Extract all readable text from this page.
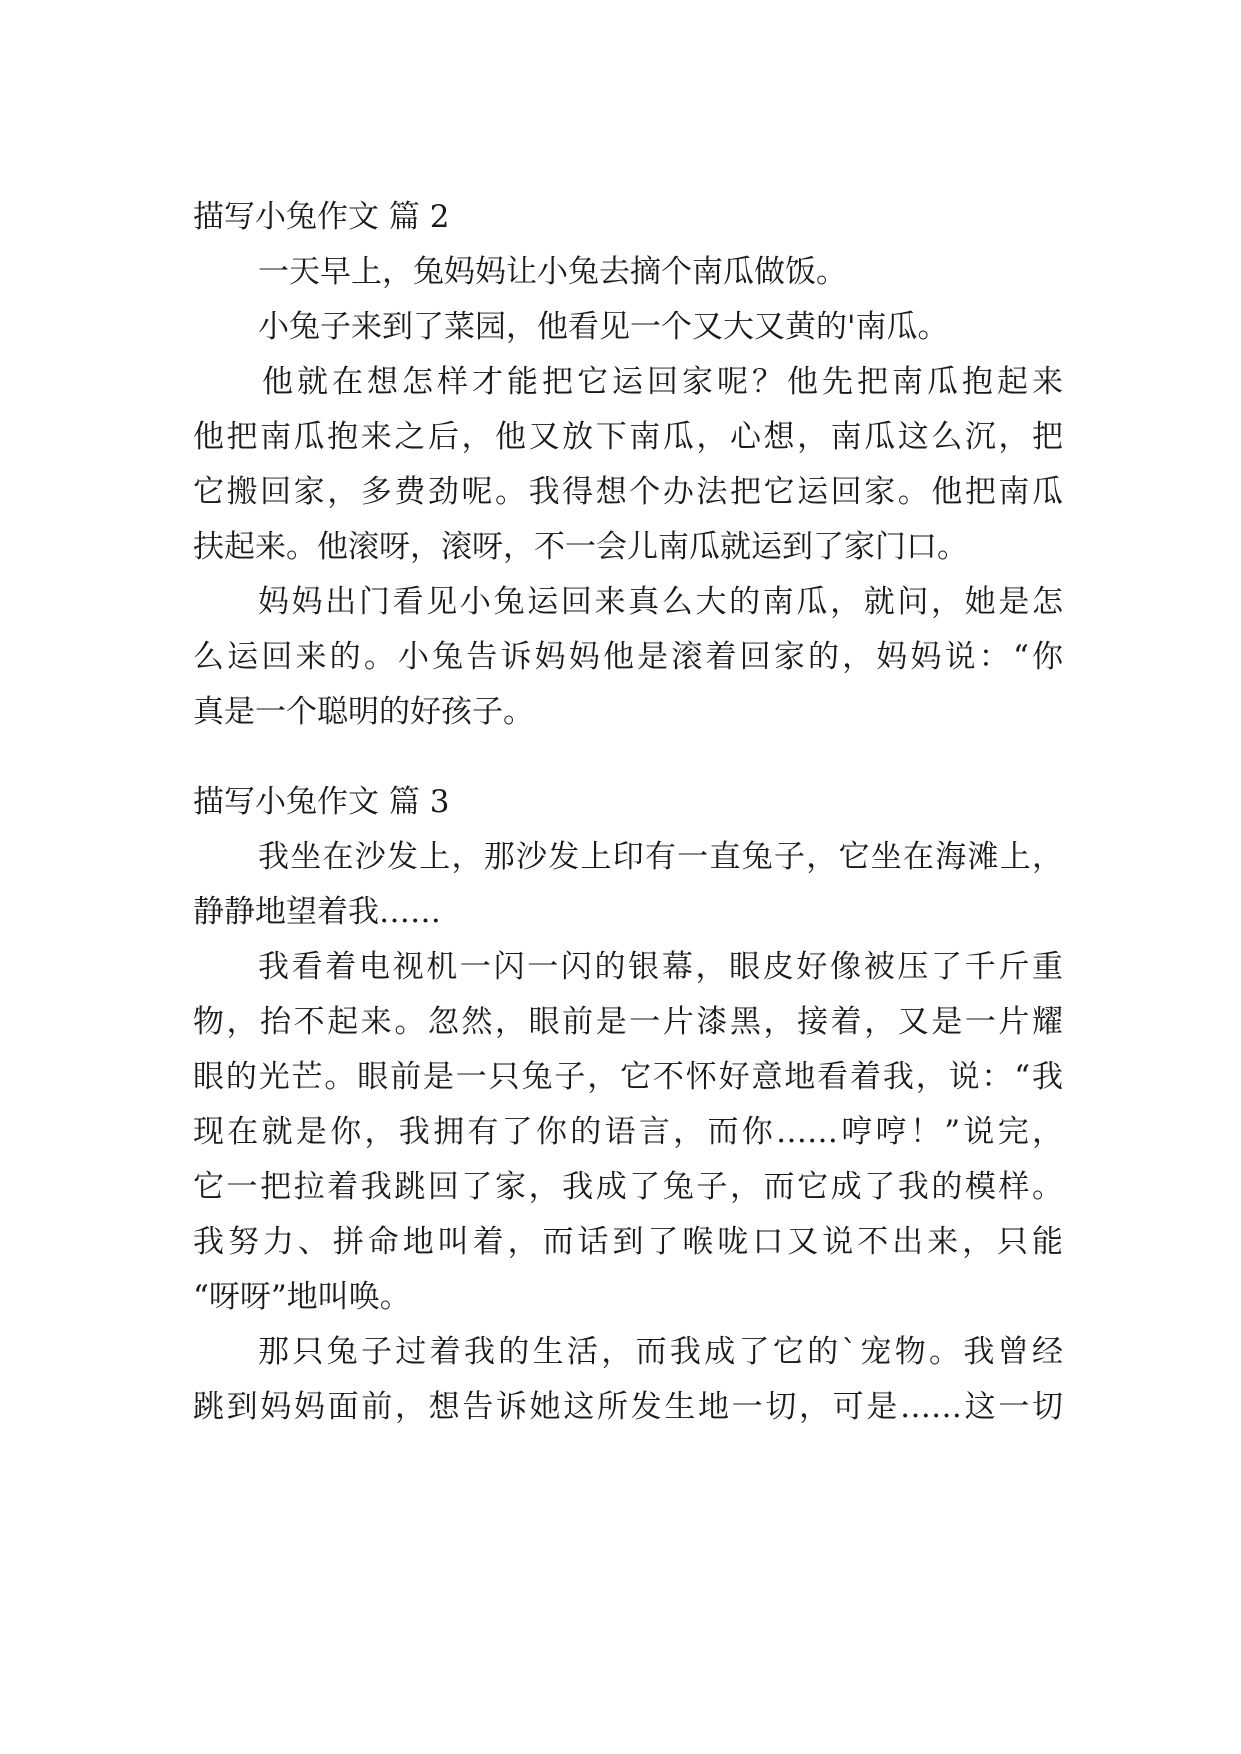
描写小兔作文 篇 2
一天早上，兔妈妈让小兔去摘个南瓜做饭。
小兔子来到了菜园，他看见一个又大又黄的'南瓜。
他就在想怎样才能把它运回家呢？他先把南瓜抱起来
他把南瓜抱来之后，他又放下南瓜，心想，南瓜这么沉，把
它搬回家，多费劲呢。我得想个办法把它运回家。他把南瓜
扶起来。他滚呀，滚呀，不一会儿南瓜就运到了家门口。
妈妈出门看见小兔运回来真么大的南瓜，就问，她是怎
么运回来的。小兔告诉妈妈他是滚着回家的，妈妈说：“你
真是一个聪明的好孩子。
描写小兔作文 篇 3
我坐在沙发上，那沙发上印有一直兔子，它坐在海滩上，
静静地望着我……
我看着电视机一闪一闪的银幕，眼皮好像被压了千斤重
物，抬不起来。忽然，眼前是一片漆黑，接着，又是一片耀
眼的光芒。眼前是一只兔子，它不怀好意地看着我，说：“我
现在就是你，我拥有了你的语言，而你……哼哼！”说完，
它一把拉着我跳回了家，我成了兔子，而它成了我的模样。
我努力、拼命地叫着，而话到了喉咙口又说不出来，只能
“呀呀”地叫唤。
那只兔子过着我的生活，而我成了它的`宠物。我曾经
跳到妈妈面前，想告诉她这所发生地一切，可是……这一切
